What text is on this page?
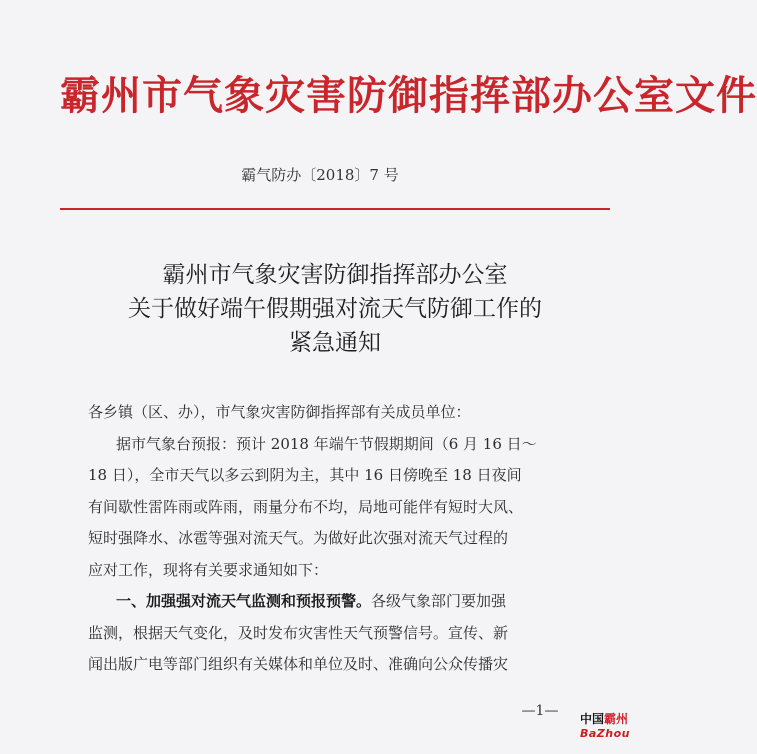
霸州市气象灾害防御指挥部办公室文件
霸气防办〔2018〕7 号
霸州市气象灾害防御指挥部办公室
关于做好端午假期强对流天气防御工作的
紧急通知
各乡镇（区、办），市气象灾害防御指挥部有关成员单位：
据市气象台预报：预计 2018 年端午节假期期间（6 月 16 日～
18 日），全市天气以多云到阴为主，其中 16 日傍晚至 18 日夜间
有间歇性雷阵雨或阵雨，雨量分布不均，局地可能伴有短时大风、
短时强降水、冰雹等强对流天气。为做好此次强对流天气过程的
应对工作，现将有关要求通知如下：
一、加强强对流天气监测和预报预警。各级气象部门要加强
监测，根据天气变化，及时发布灾害性天气预警信号。宣传、新
闻出版广电等部门组织有关媒体和单位及时、准确向公众传播灾
—1—	中国霸州
BaZhou
